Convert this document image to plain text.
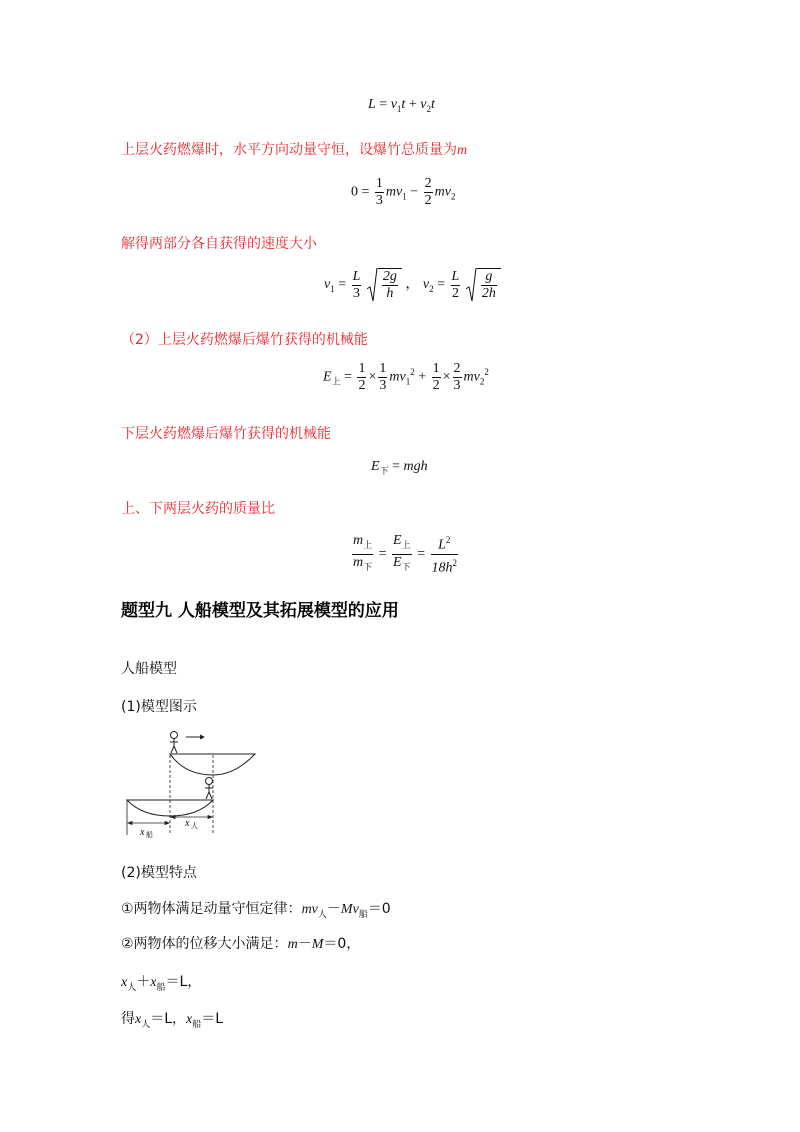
$L = v_1t + v_2t$
上层火药燃爆时，水平方向动量守恒，设爆竹总质量为m
$0 = \frac{1}{3} mv_1 - \frac{2}{2} mv_2$
解得两部分各自获得的速度大小
$v_1 = \frac{L}{3}$
$\frac{2g}{h}$ ， $v_2 = \frac{L}{2}$
$\frac{g}{2h}$
（2）上层火药燃爆后爆竹获得的机械能
$E_上 = \frac{1}{2} \times \frac{1}{3} mv_1^2 + \frac{1}{2} \times \frac{2}{3} mv_2^2$
下层火药燃爆后爆竹获得的机械能
$E_下$ = mgh
上、下两层火药的质量比
$\frac{m_上}{m_下} = \frac{E_上}{E_下} = \frac{L^2}{18h^2}$
题型九 人船模型及其拓展模型的应用
人船模型
(1)模型图示
x 船
x 人
(2)模型特点
①两物体满足动量守恒定律：$mv_人-Mv_船=0$
②两物体的位移大小满足：m－M＝0，
$x_人+x_船=L$，
得$x_人=L$，$x_船=L$
